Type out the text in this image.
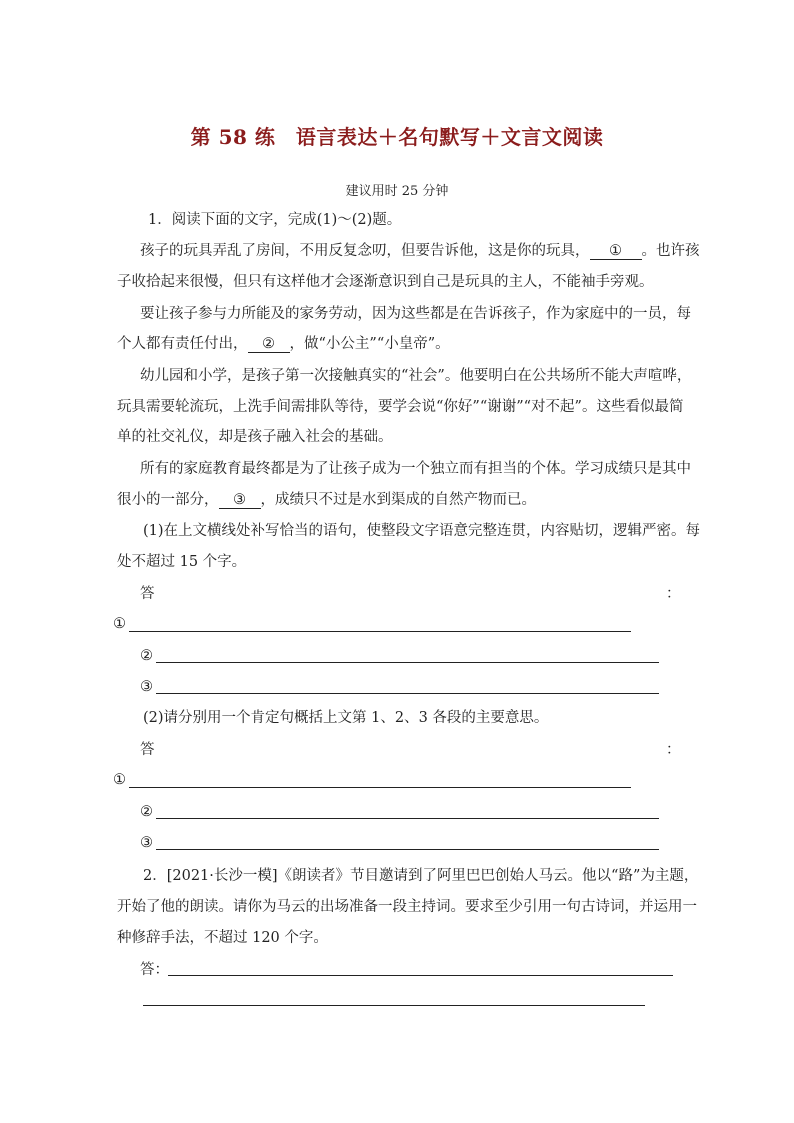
第 58 练　语言表达＋名句默写＋文言文阅读
建议用时 25 分钟
1．阅读下面的文字，完成(1)～(2)题。
孩子的玩具弄乱了房间，不用反复念叨，但要告诉他，这是你的玩具， ① 。也许孩
子收拾起来很慢，但只有这样他才会逐渐意识到自己是玩具的主人，不能袖手旁观。
要让孩子参与力所能及的家务劳动，因为这些都是在告诉孩子，作为家庭中的一员，每
个人都有责任付出， ② ，做“小公主”“小皇帝”。
幼儿园和小学，是孩子第一次接触真实的“社会”。他要明白在公共场所不能大声喧哗，
玩具需要轮流玩，上洗手间需排队等待，要学会说“你好”“谢谢”“对不起”。这些看似最简
单的社交礼仪，却是孩子融入社会的基础。
所有的家庭教育最终都是为了让孩子成为一个独立而有担当的个体。学习成绩只是其中
很小的一部分， ③ ，成绩只不过是水到渠成的自然产物而已。
(1)在上文横线处补写恰当的语句，使整段文字语意完整连贯，内容贴切，逻辑严密。每
处不超过 15 个字。
答	：
①
②
③
(2)请分别用一个肯定句概括上文第 1、2、3 各段的主要意思。
答	：
①
②
③
2．[2021·长沙一模]《朗读者》节目邀请到了阿里巴巴创始人马云。他以“路”为主题，
开始了他的朗读。请你为马云的出场准备一段主持词。要求至少引用一句古诗词，并运用一
种修辞手法，不超过 120 个字。
答：
